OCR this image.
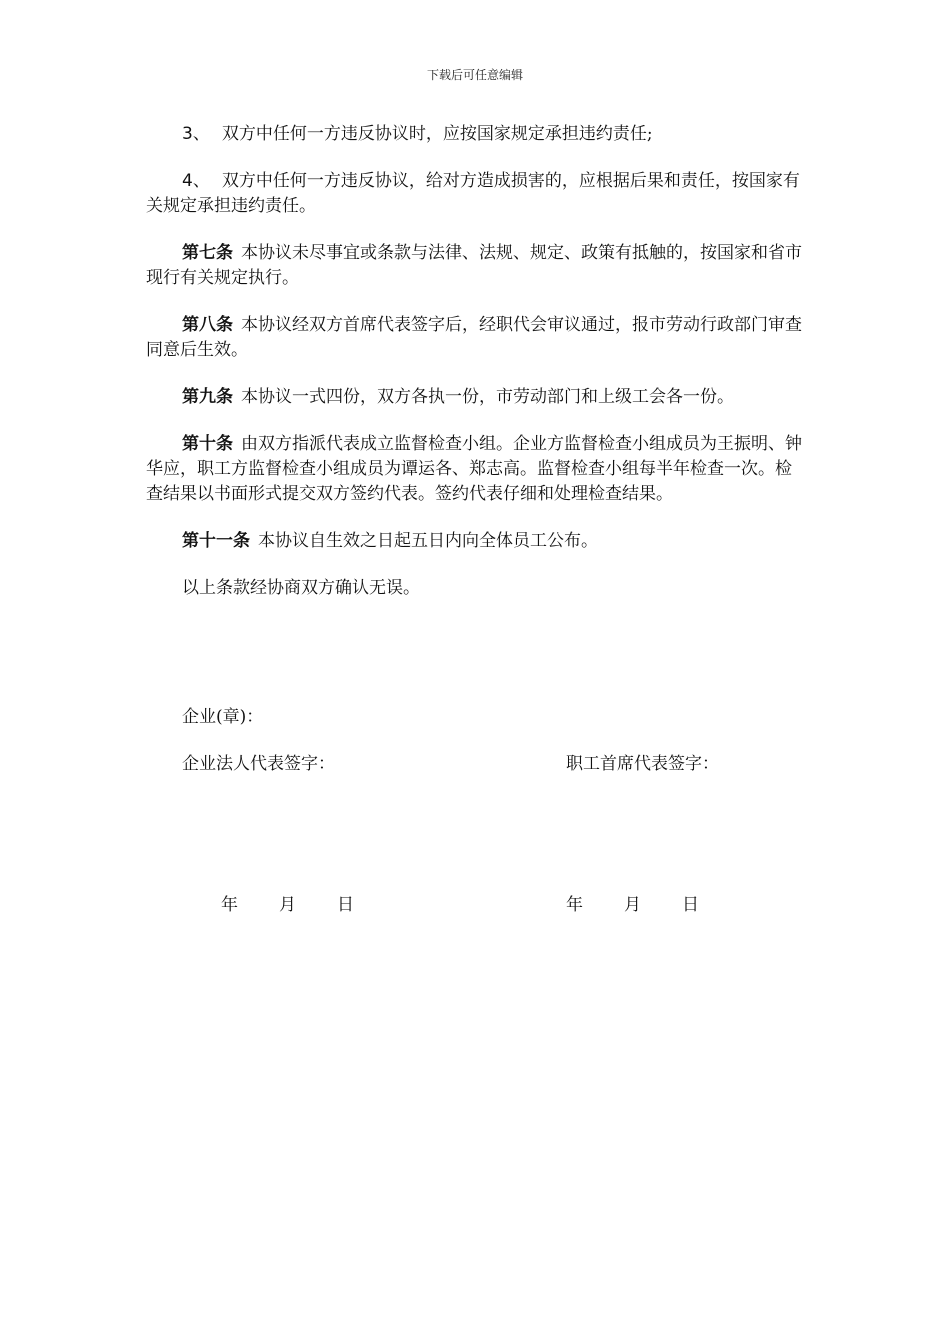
下载后可任意编辑

3、 双方中任何一方违反协议时，应按国家规定承担违约责任;

4、 双方中任何一方违反协议，给对方造成损害的，应根据后果和责任，按国家有关规定承担违约责任。

第七条 本协议未尽事宜或条款与法律、法规、规定、政策有抵触的，按国家和省市现行有关规定执行。

第八条 本协议经双方首席代表签字后，经职代会审议通过，报市劳动行政部门审查同意后生效。

第九条 本协议一式四份，双方各执一份，市劳动部门和上级工会各一份。

第十条 由双方指派代表成立监督检查小组。企业方监督检查小组成员为王振明、钟华应，职工方监督检查小组成员为谭运各、郑志高。监督检查小组每半年检查一次。检查结果以书面形式提交双方签约代表。签约代表仔细和处理检查结果。

第十一条 本协议自生效之日起五日内向全体员工公布。

以上条款经协商双方确认无误。

企业(章)：
企业法人代表签字：	职工首席代表签字：
年 月 日	年 月 日
